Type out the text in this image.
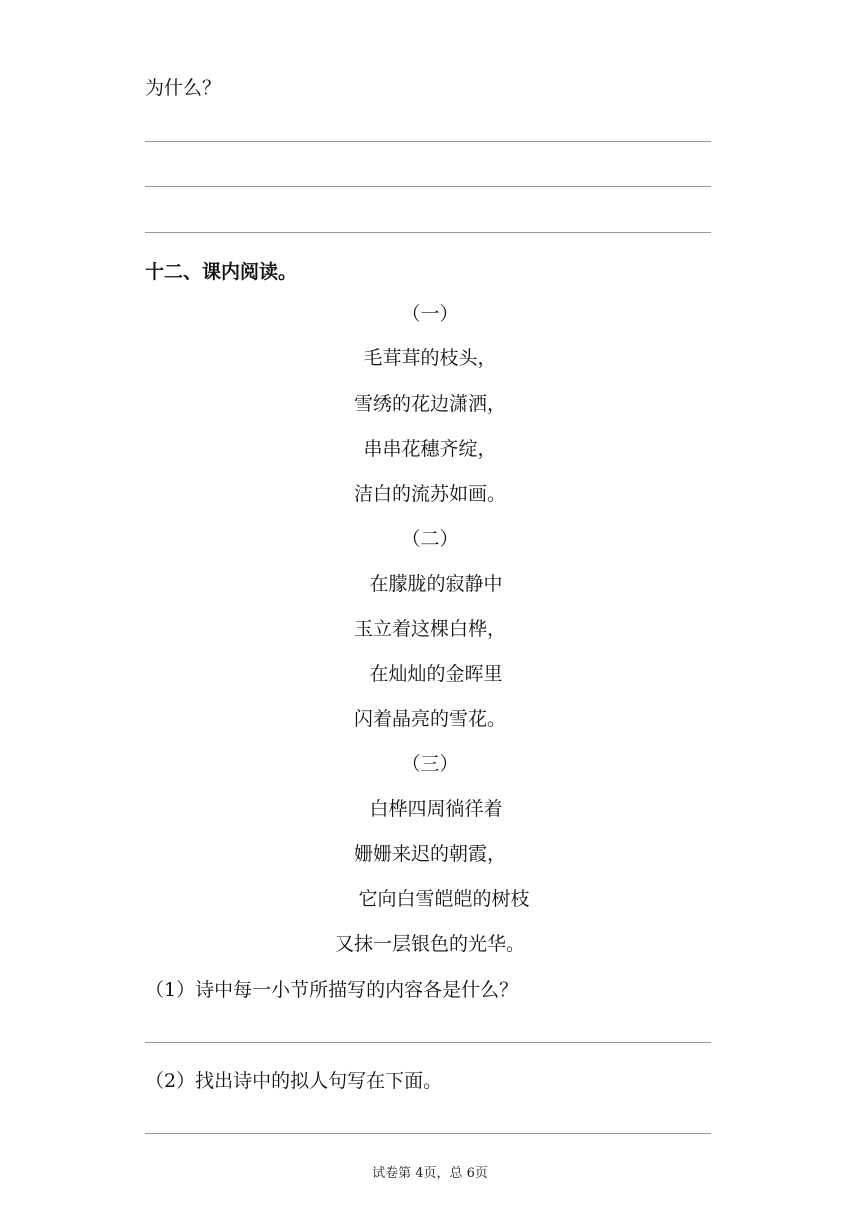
为什么？
十二、课内阅读。
（一）
毛茸茸的枝头，
雪绣的花边潇洒，
串串花穗齐绽，
洁白的流苏如画。
（二）
在朦胧的寂静中
玉立着这棵白桦，
在灿灿的金晖里
闪着晶亮的雪花。
（三）
白桦四周徜徉着
姗姗来迟的朝霞，
它向白雪皑皑的树枝
又抹一层银色的光华。
（1）诗中每一小节所描写的内容各是什么？
（2）找出诗中的拟人句写在下面。
试卷第 4页，总 6页
